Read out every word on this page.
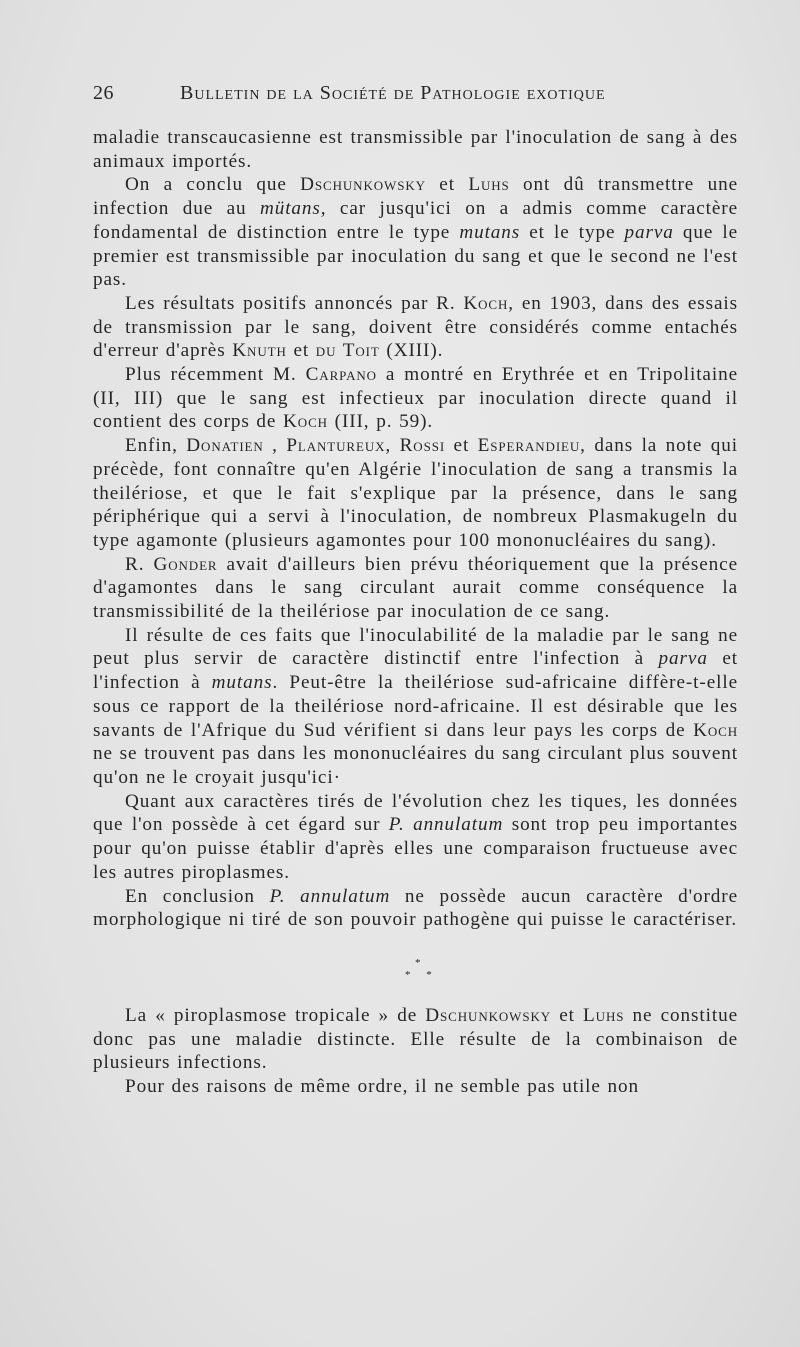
26	Bulletin de la Société de Pathologie exotique

maladie transcaucasienne est transmissible par l'inoculation de sang à des animaux importés.

On a conclu que Dschunkowsky et Luhs ont dû transmettre une infection due au mütans, car jusqu'ici on a admis comme caractère fondamental de distinction entre le type mutans et le type parva que le premier est transmissible par inoculation du sang et que le second ne l'est pas.

Les résultats positifs annoncés par R. Koch, en 1903, dans des essais de transmission par le sang, doivent être considérés comme entachés d'erreur d'après Knuth et du Toit (XIII).

Plus récemment M. Carpano a montré en Erythrée et en Tripolitaine (II, III) que le sang est infectieux par inoculation directe quand il contient des corps de Koch (III, p. 59).

Enfin, Donatien , Plantureux, Rossi et Esperandieu, dans la note qui précède, font connaître qu'en Algérie l'inoculation de sang a transmis la theilériose, et que le fait s'explique par la présence, dans le sang périphérique qui a servi à l'inoculation, de nombreux Plasmakugeln du type agamonte (plusieurs agamontes pour 100 mononucléaires du sang).

R. Gonder avait d'ailleurs bien prévu théoriquement que la présence d'agamontes dans le sang circulant aurait comme conséquence la transmissibilité de la theilériose par inoculation de ce sang.

Il résulte de ces faits que l'inoculabilité de la maladie par le sang ne peut plus servir de caractère distinctif entre l'infection à parva et l'infection à mutans. Peut-être la theilériose sud-africaine diffère-t-elle sous ce rapport de la theilériose nord-africaine. Il est désirable que les savants de l'Afrique du Sud vérifient si dans leur pays les corps de Koch ne se trouvent pas dans les mononucléaires du sang circulant plus souvent qu'on ne le croyait jusqu'ici·

Quant aux caractères tirés de l'évolution chez les tiques, les données que l'on possède à cet égard sur P. annulatum sont trop peu importantes pour qu'on puisse établir d'après elles une comparaison fructueuse avec les autres piroplasmes.

En conclusion P. annulatum ne possède aucun caractère d'ordre morphologique ni tiré de son pouvoir pathogène qui puisse le caractériser.

*
* *

La « piroplasmose tropicale » de Dschunkowsky et Luhs ne constitue donc pas une maladie distincte. Elle résulte de la combinaison de plusieurs infections.

Pour des raisons de même ordre, il ne semble pas utile non
